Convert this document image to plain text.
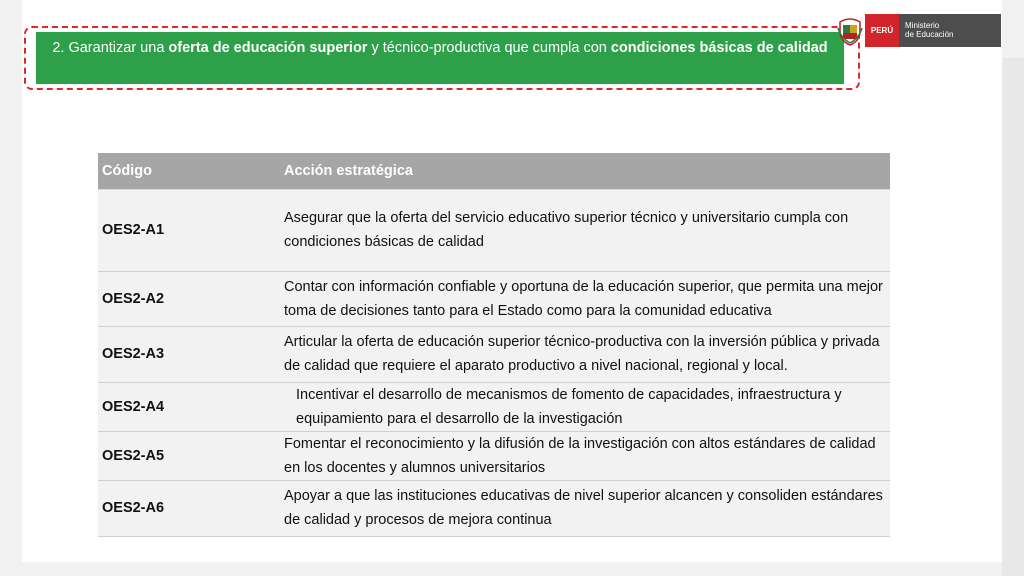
2. Garantizar una oferta de educación superior y técnico-productiva que cumpla con condiciones básicas de calidad
PERÚ
Ministerio
de Educación
Código	Acción estratégica
OES2-A1	Asegurar que la oferta del servicio educativo superior técnico y universitario cumpla con condiciones básicas de calidad
OES2-A2	Contar con información confiable y oportuna de la educación superior, que permita una mejor toma de decisiones tanto para el Estado como para la comunidad educativa
OES2-A3	Articular la oferta de educación superior técnico-productiva con la inversión pública y privada de calidad que requiere el aparato productivo a nivel nacional, regional y local.
OES2-A4	Incentivar el desarrollo de mecanismos de fomento de capacidades, infraestructura y equipamiento para el desarrollo de la investigación
OES2-A5	Fomentar el reconocimiento y la difusión de la investigación con altos estándares de calidad en los docentes y alumnos universitarios
OES2-A6	Apoyar a que las instituciones educativas de nivel superior alcancen y consoliden estándares de calidad y procesos de mejora continua
